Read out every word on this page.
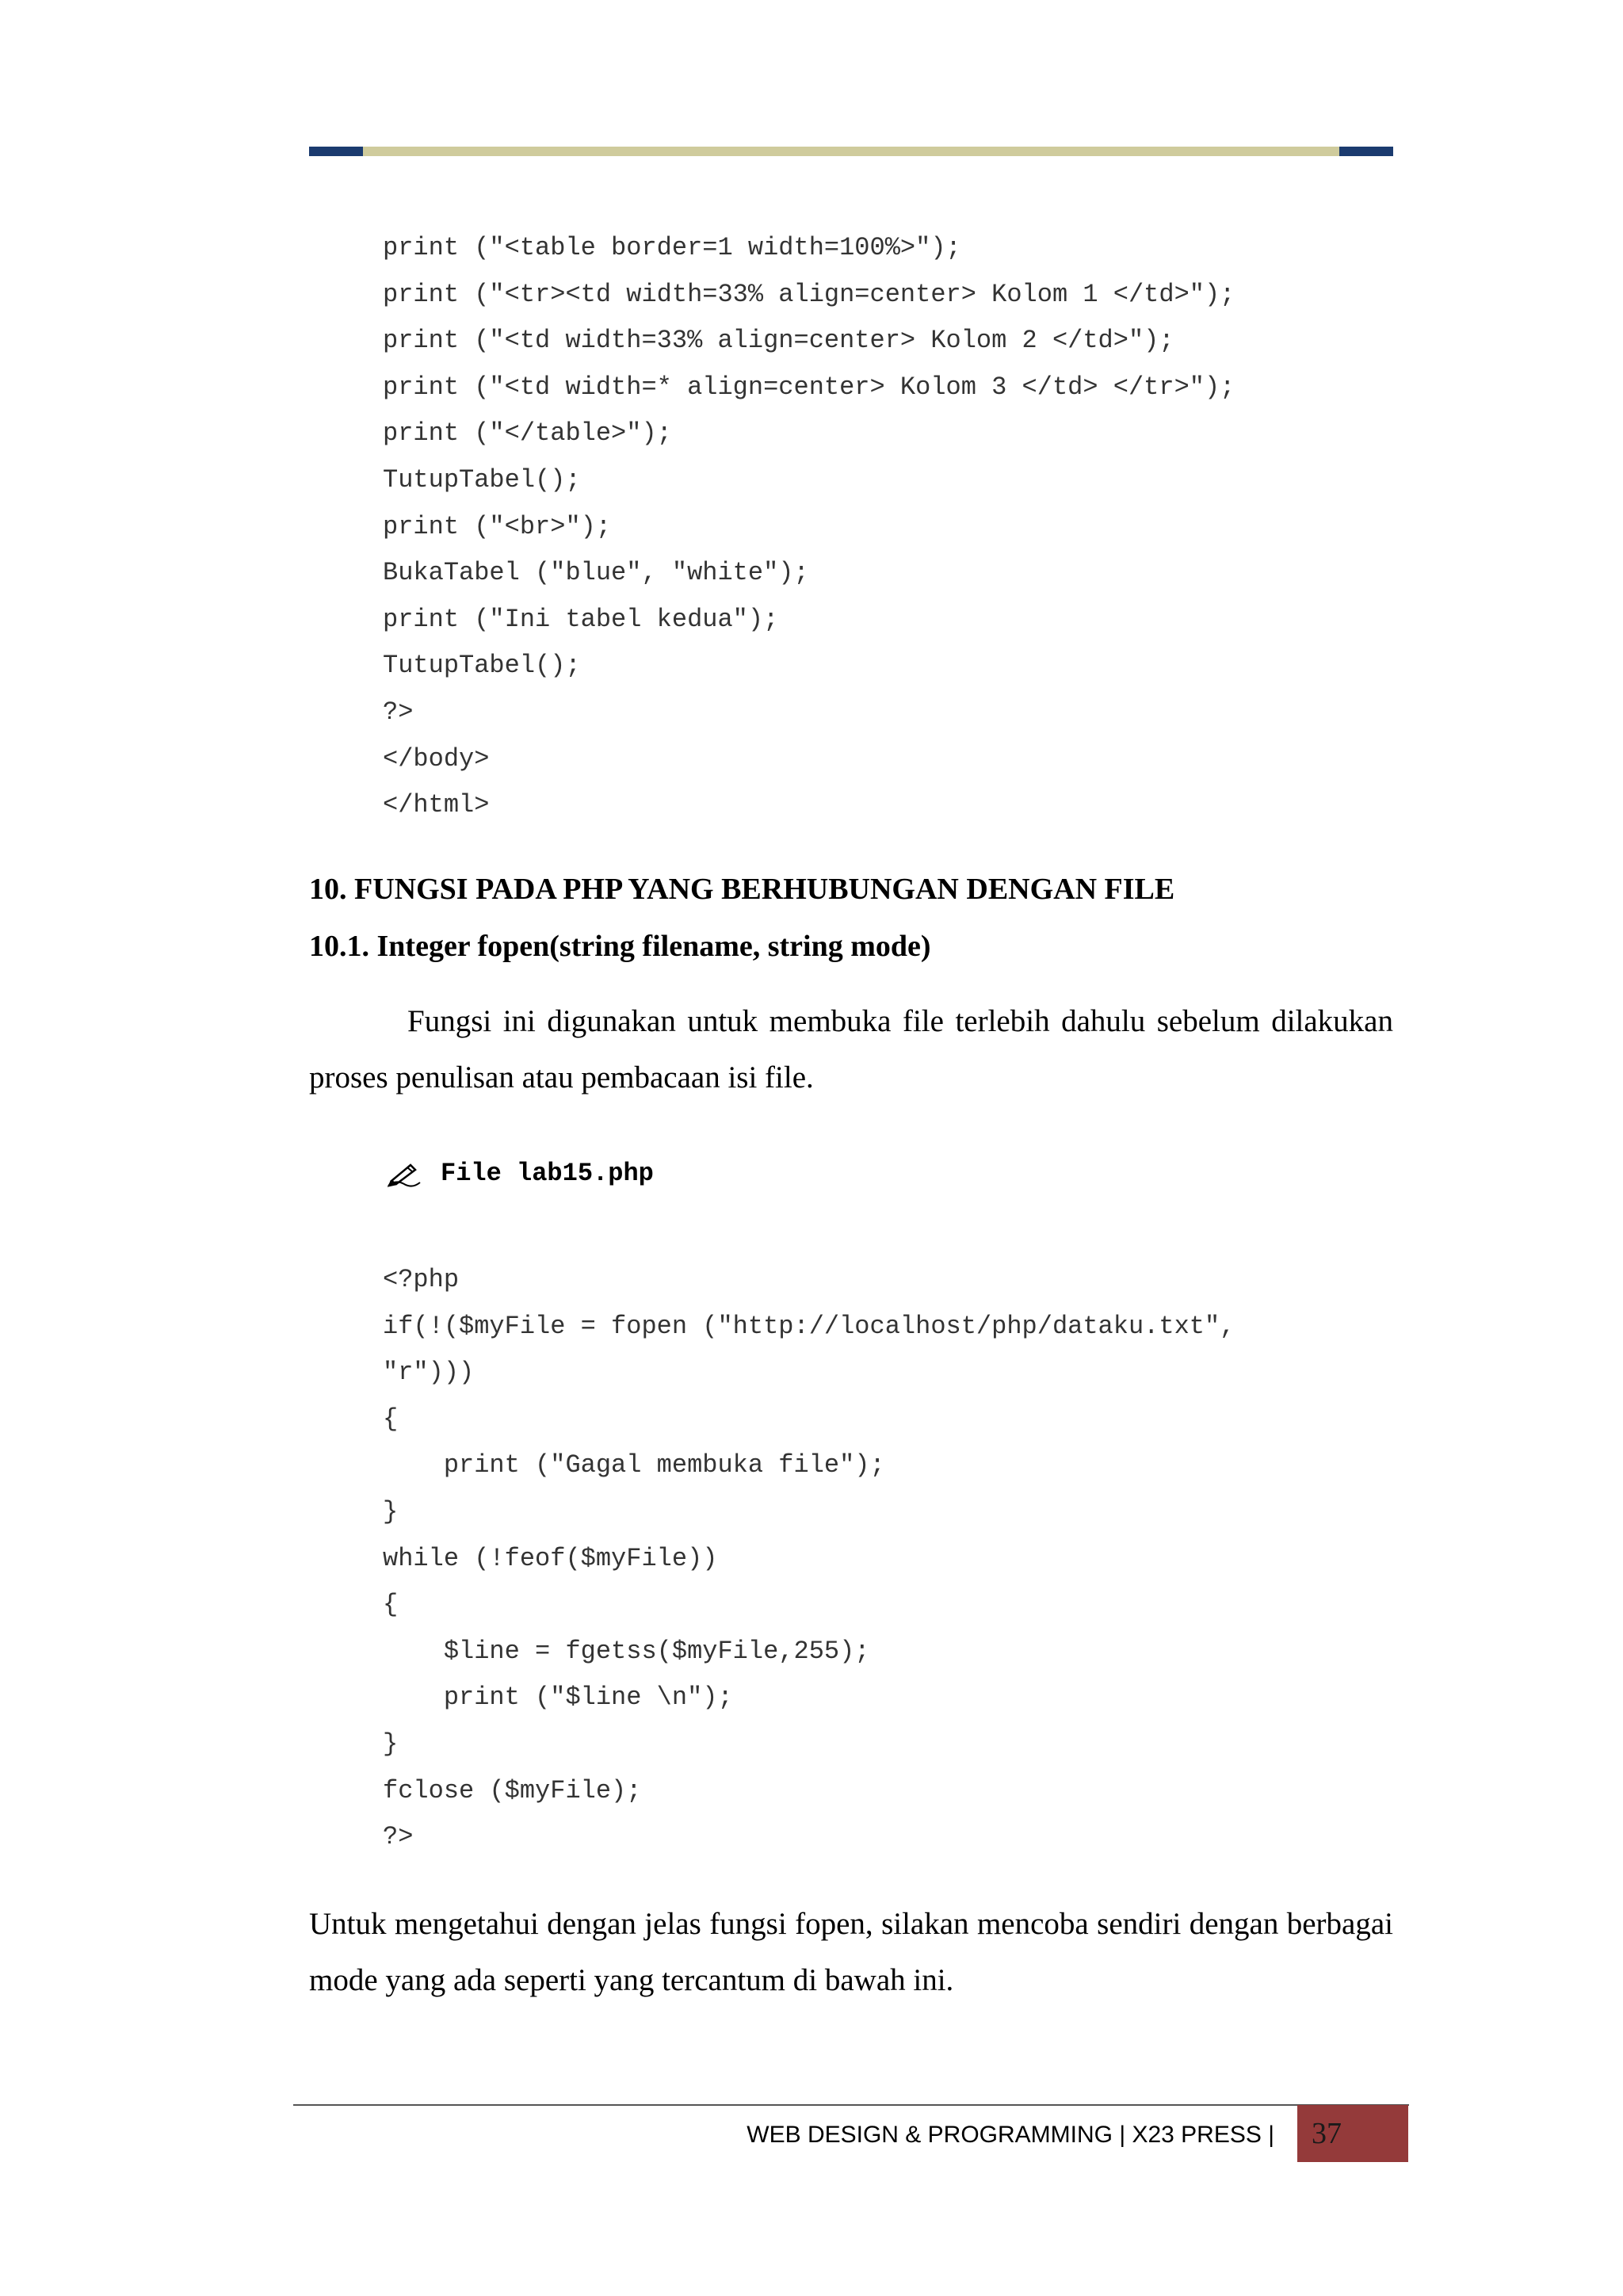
print ("<table border=1 width=100%>");
print ("<tr><td width=33% align=center> Kolom 1 </td>");
print ("<td width=33% align=center> Kolom 2 </td>");
print ("<td width=* align=center> Kolom 3 </td> </tr>");
print ("</table>");
TutupTabel();
print ("<br>");
BukaTabel ("blue", "white");
print ("Ini tabel kedua");
TutupTabel();
?>
</body>
</html>
10. FUNGSI PADA PHP YANG BERHUBUNGAN DENGAN FILE
10.1. Integer fopen(string filename, string mode)

Fungsi ini digunakan untuk membuka file terlebih dahulu sebelum dilakukan proses penulisan atau pembacaan isi file.

File lab15.php
<?php
if(!($myFile = fopen ("http://localhost/php/dataku.txt",
"r")))
{
print ("Gagal membuka file");
}
while (!feof($myFile))
{
$line = fgetss($myFile,255);
print ("$line \n");
}
fclose ($myFile);
?>

Untuk mengetahui dengan jelas fungsi fopen, silakan mencoba sendiri dengan berbagai mode yang ada seperti yang tercantum di bawah ini.

WEB DESIGN & PROGRAMMING | X23 PRESS |	37
